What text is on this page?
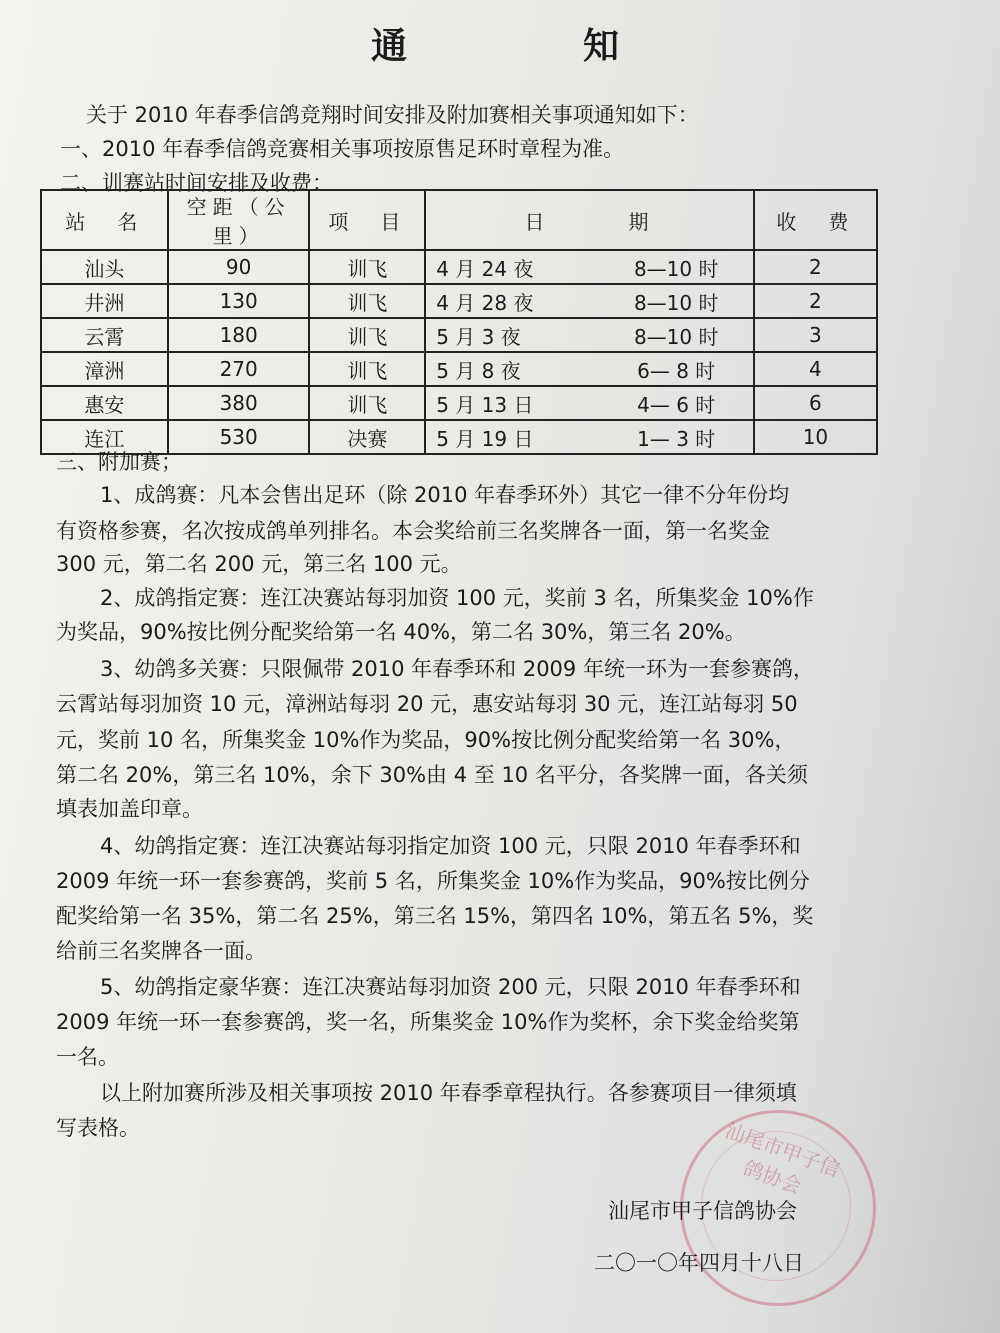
通　知
关于 2010 年春季信鸽竞翔时间安排及附加赛相关事项通知如下：
一、2010 年春季信鸽竞赛相关事项按原售足环时章程为准。
二、训赛站时间安排及收费：
站　名	空距（公里）	项　目	日　　　期	收　费
汕头	90	训飞	4 月 24 夜 8—10 时	2
井洲	130	训飞	4 月 28 夜 8—10 时	2
云霄	180	训飞	5 月 3 夜 8—10 时	3
漳洲	270	训飞	5 月 8 夜 6— 8 时	4
惠安	380	训飞	5 月 13 日 4— 6 时	6
连江	530	决赛	5 月 19 日 1— 3 时	10
三、附加赛；
1、成鸽赛：凡本会售出足环（除 2010 年春季环外）其它一律不分年份均
有资格参赛，名次按成鸽单列排名。本会奖给前三名奖牌各一面，第一名奖金
300 元，第二名 200 元，第三名 100 元。
2、成鸽指定赛：连江决赛站每羽加资 100 元，奖前 3 名，所集奖金 10%作
为奖品，90%按比例分配奖给第一名 40%，第二名 30%，第三名 20%。
3、幼鸽多关赛：只限佩带 2010 年春季环和 2009 年统一环为一套参赛鸽，
云霄站每羽加资 10 元，漳洲站每羽 20 元，惠安站每羽 30 元，连江站每羽 50
元，奖前 10 名，所集奖金 10%作为奖品，90%按比例分配奖给第一名 30%，
第二名 20%，第三名 10%，余下 30%由 4 至 10 名平分，各奖牌一面，各关须
填表加盖印章。
4、幼鸽指定赛：连江决赛站每羽指定加资 100 元，只限 2010 年春季环和
2009 年统一环一套参赛鸽，奖前 5 名，所集奖金 10%作为奖品，90%按比例分
配奖给第一名 35%，第二名 25%，第三名 15%，第四名 10%，第五名 5%，奖
给前三名奖牌各一面。
5、幼鸽指定豪华赛：连江决赛站每羽加资 200 元，只限 2010 年春季环和
2009 年统一环一套参赛鸽，奖一名，所集奖金 10%作为奖杯，余下奖金给奖第
一名。
以上附加赛所涉及相关事项按 2010 年春季章程执行。各参赛项目一律须填
写表格。	汕尾市甲子信鸽协会
汕尾市甲子信鸽协会
二〇一〇年四月十八日
